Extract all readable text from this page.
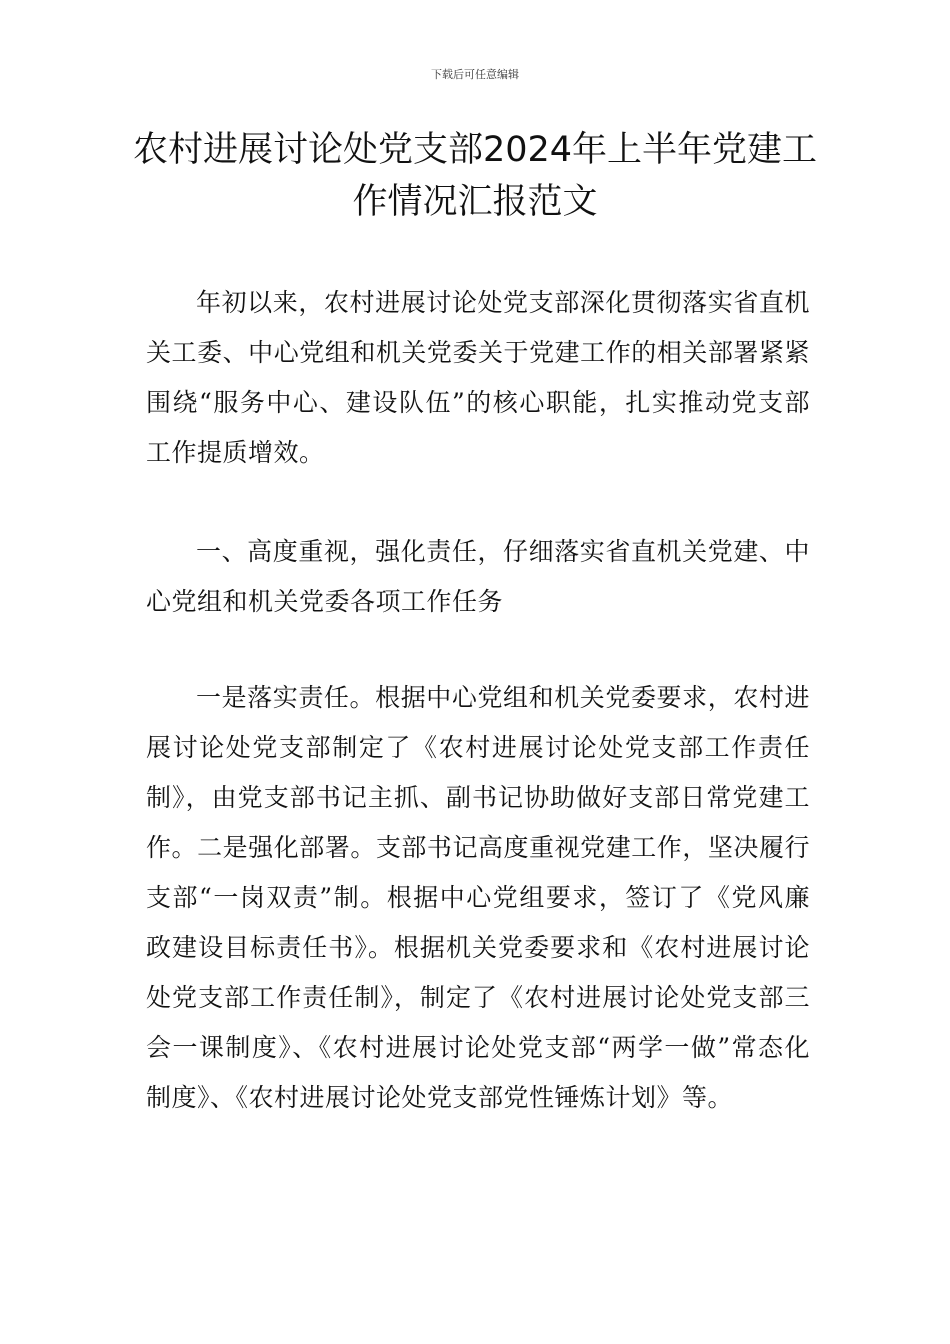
下载后可任意编辑
农村进展讨论处党支部2024年上半年党建工作情况汇报范文

年初以来，农村进展讨论处党支部深化贯彻落实省直机关工委、中心党组和机关党委关于党建工作的相关部署紧紧围绕“服务中心、建设队伍”的核心职能，扎实推动党支部工作提质增效。

一、高度重视，强化责任，仔细落实省直机关党建、中心党组和机关党委各项工作任务

一是落实责任。根据中心党组和机关党委要求，农村进展讨论处党支部制定了《农村进展讨论处党支部工作责任制》，由党支部书记主抓、副书记协助做好支部日常党建工作。二是强化部署。支部书记高度重视党建工作，坚决履行支部“一岗双责”制。根据中心党组要求，签订了《党风廉政建设目标责任书》。根据机关党委要求和《农村进展讨论处党支部工作责任制》，制定了《农村进展讨论处党支部三会一课制度》、《农村进展讨论处党支部“两学一做”常态化制度》、《农村进展讨论处党支部党性锤炼计划》等。
